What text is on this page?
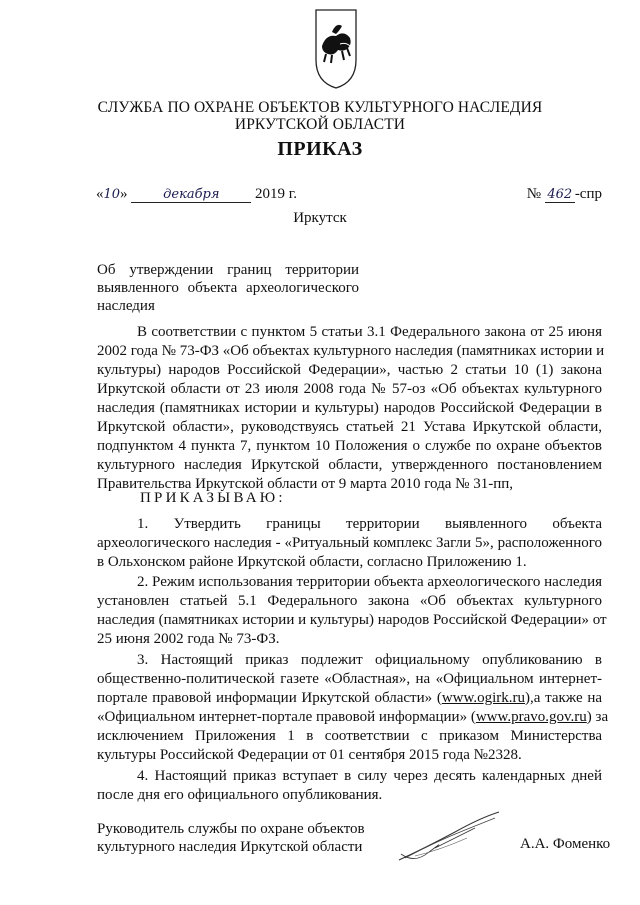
СЛУЖБА ПО ОХРАНЕ ОБЪЕКТОВ КУЛЬТУРНОГО НАСЛЕДИЯ
ИРКУТСКОЙ ОБЛАСТИ
ПРИКАЗ
«10»	декабря 2019 г.	№ 462 -спр
Иркутск
Об утверждении границ территории
выявленного объекта археологического
наследия
В соответствии с пунктом 5 статьи 3.1 Федерального закона от 25 июня
2002 года № 73-ФЗ «Об объектах культурного наследия (памятниках истории и
культуры) народов Российской Федерации», частью 2 статьи 10 (1) закона
Иркутской области от 23 июля 2008 года № 57-оз «Об объектах культурного
наследия (памятниках истории и культуры) народов Российской Федерации в
Иркутской области», руководствуясь статьей 21 Устава Иркутской области,
подпунктом 4 пункта 7, пунктом 10 Положения о службе по охране объектов
культурного наследия Иркутской области, утвержденного постановлением
Правительства Иркутской области от 9 марта 2010 года № 31-пп,
ПРИКАЗЫВАЮ:
1. Утвердить границы территории выявленного объекта
археологического наследия - «Ритуальный комплекс Загли 5», расположенного
в Ольхонском районе Иркутской области, согласно Приложению 1.
2. Режим использования территории объекта археологического наследия
установлен статьей 5.1 Федерального закона «Об объектах культурного
наследия (памятниках истории и культуры) народов Российской Федерации» от
25 июня 2002 года № 73-ФЗ.
3. Настоящий приказ подлежит официальному опубликованию в
общественно-политической газете «Областная», на «Официальном интернет-
портале правовой информации Иркутской области» (www.ogirk.ru),а также на
«Официальном интернет-портале правовой информации» (www.pravo.gov.ru) за
исключением Приложения 1 в соответствии с приказом Министерства
культуры Российской Федерации от 01 сентября 2015 года №2328.
4. Настоящий приказ вступает в силу через десять календарных дней
после дня его официального опубликования.
Руководитель службы по охране объектов
культурного наследия Иркутской области	А.А. Фоменко
